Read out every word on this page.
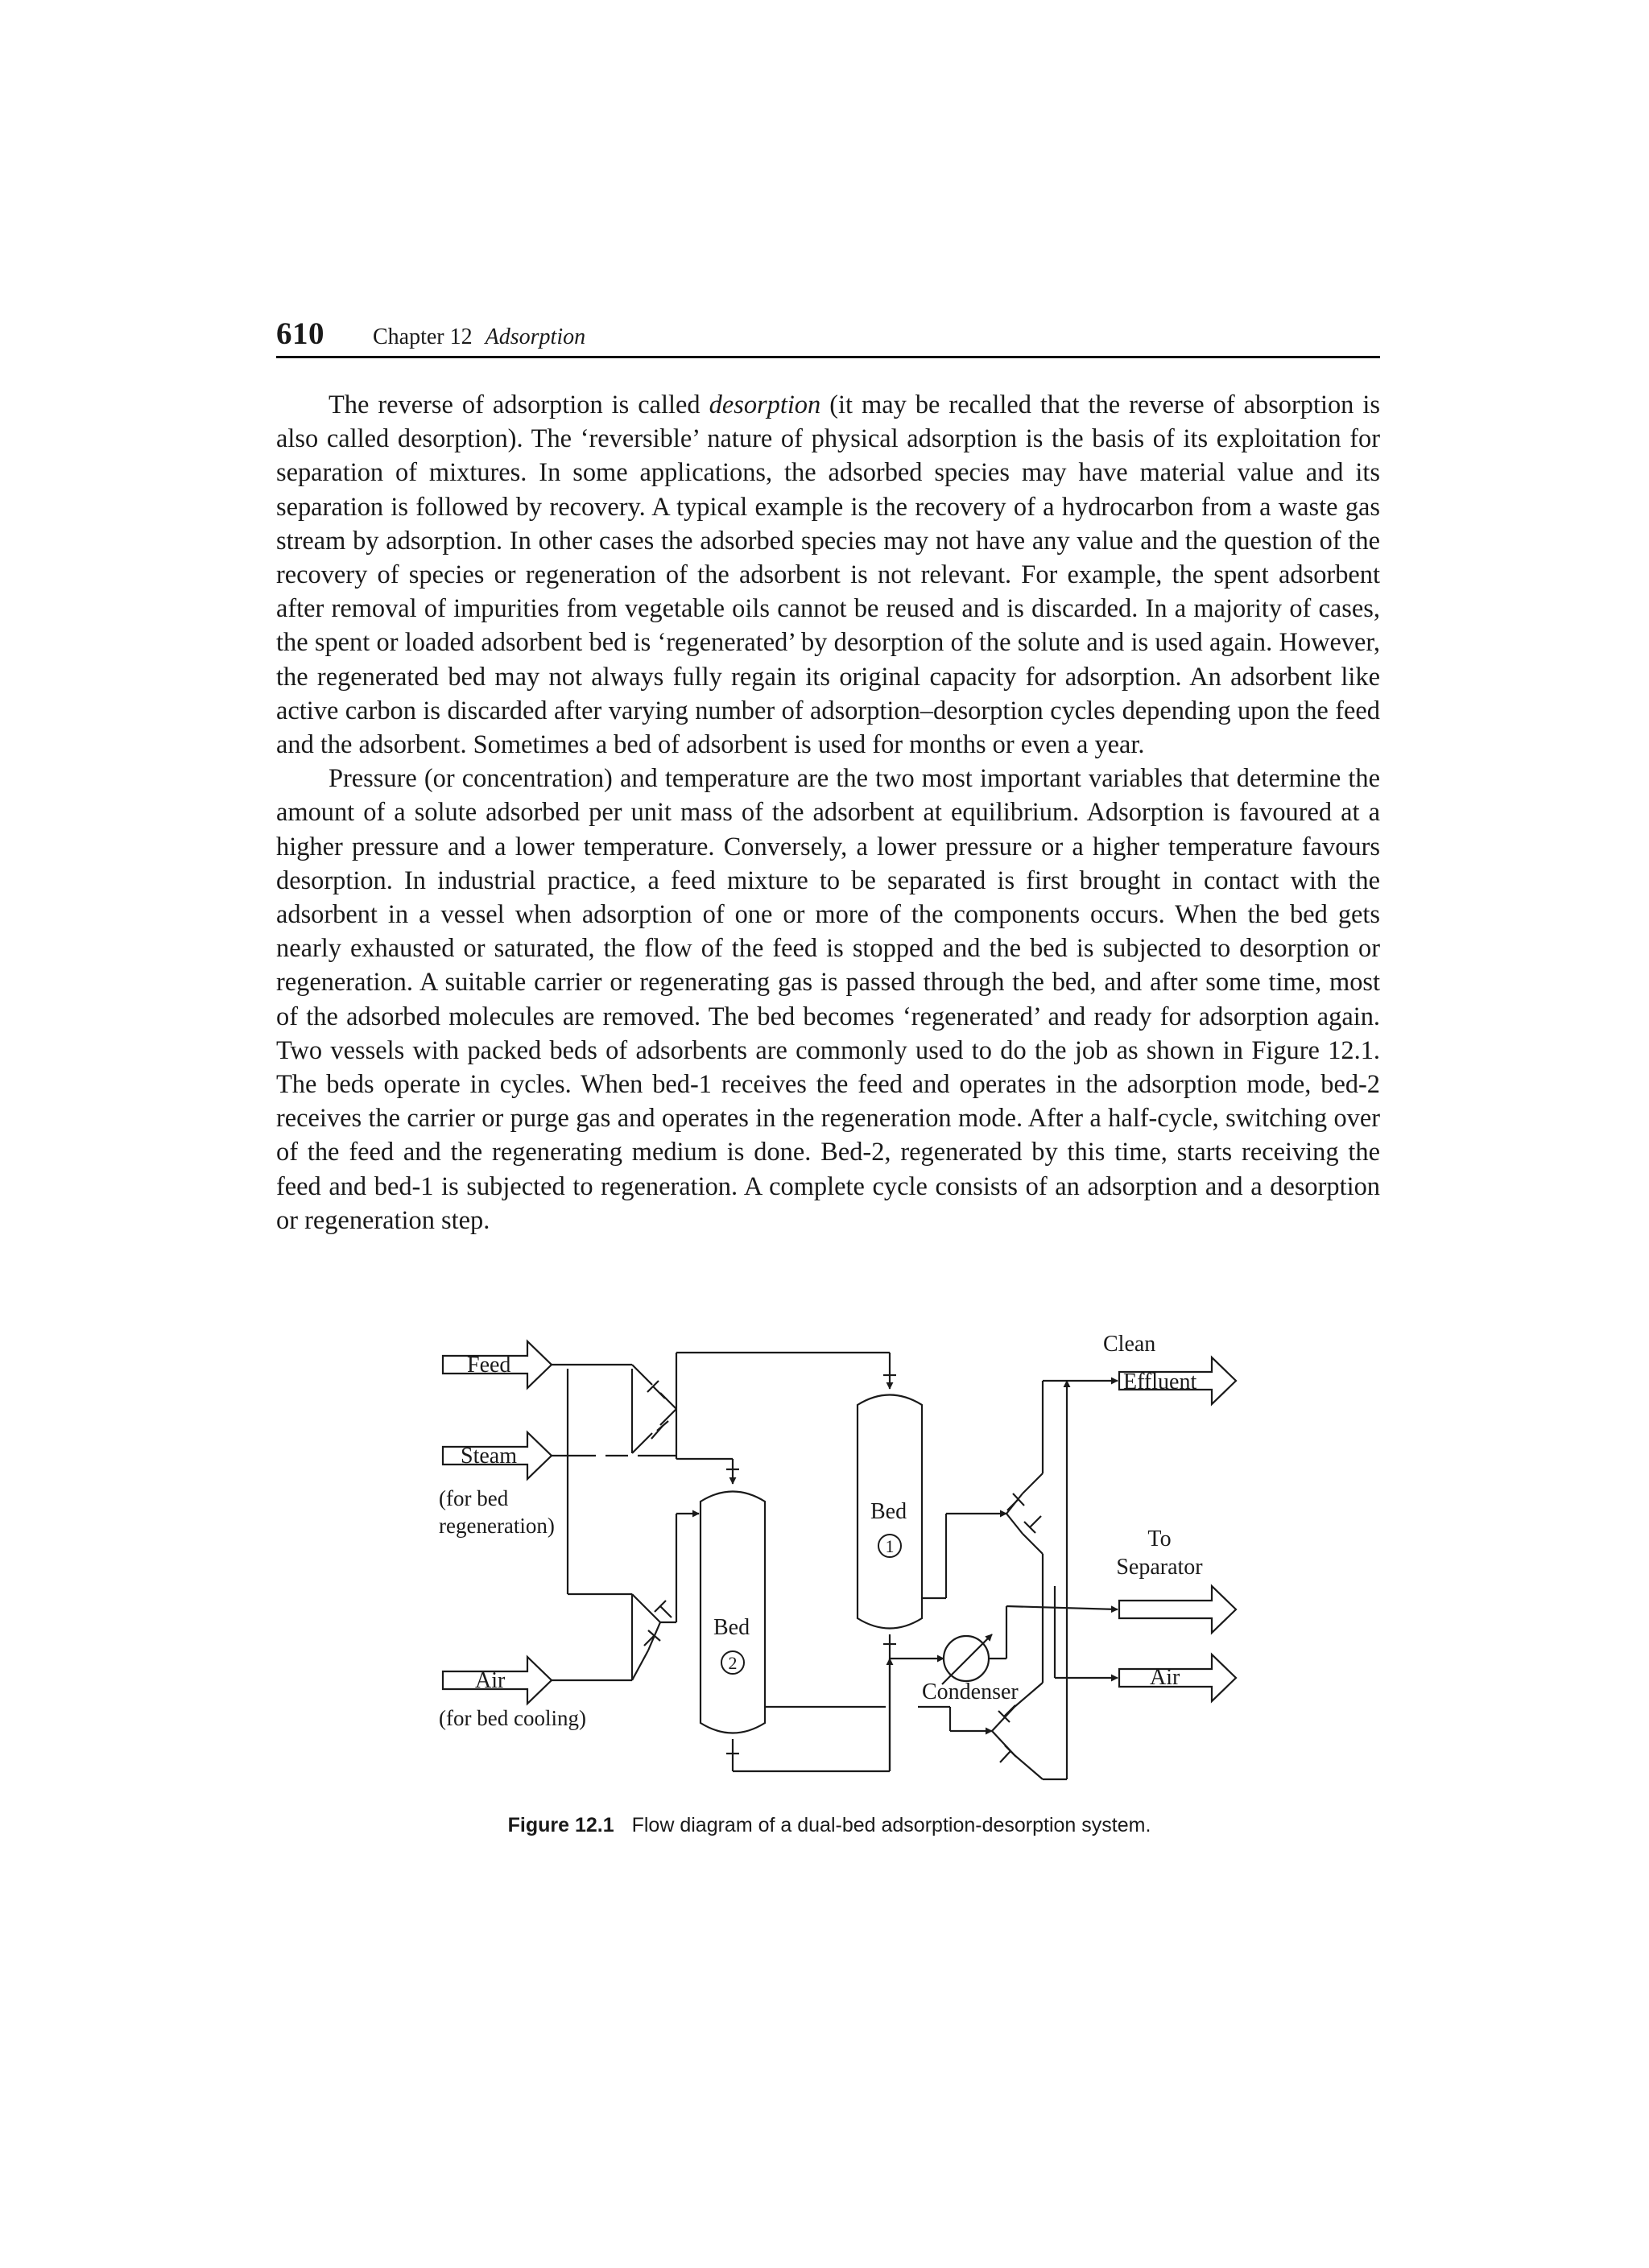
610 Chapter 12 Adsorption

The reverse of adsorption is called desorption (it may be recalled that the reverse of absorption is also called desorption). The ‘reversible’ nature of physical adsorption is the basis of its exploitation for separation of mixtures. In some applications, the adsorbed species may have material value and its separation is followed by recovery. A typical example is the recovery of a hydrocarbon from a waste gas stream by adsorption. In other cases the adsorbed species may not have any value and the question of the recovery of species or regeneration of the adsorbent is not relevant. For example, the spent adsorbent after removal of impurities from vegetable oils cannot be reused and is discarded. In a majority of cases, the spent or loaded adsorbent bed is ‘regenerated’ by desorption of the solute and is used again. However, the regenerated bed may not always fully regain its original capacity for adsorption. An adsorbent like active carbon is discarded after varying number of adsorption–desorption cycles depending upon the feed and the adsorbent. Sometimes a bed of adsorbent is used for months or even a year.

Pressure (or concentration) and temperature are the two most important variables that determine the amount of a solute adsorbed per unit mass of the adsorbent at equilibrium. Adsorption is favoured at a higher pressure and a lower temperature. Conversely, a lower pressure or a higher temperature favours desorption. In industrial practice, a feed mixture to be separated is first brought in contact with the adsorbent in a vessel when adsorption of one or more of the components occurs. When the bed gets nearly exhausted or saturated, the flow of the feed is stopped and the bed is subjected to desorption or regeneration. A suitable carrier or regenerating gas is passed through the bed, and after some time, most of the adsorbed molecules are removed. The bed becomes ‘regenerated’ and ready for adsorption again. Two vessels with packed beds of adsorbents are commonly used to do the job as shown in Figure 12.1. The beds operate in cycles. When bed-1 receives the feed and operates in the adsorption mode, bed-2 receives the carrier or purge gas and operates in the regeneration mode. After a half-cycle, switching over of the feed and the regenerating medium is done. Bed-2, regenerated by this time, starts receiving the feed and bed-1 is subjected to regeneration. A complete cycle consists of an adsorption and a desorption or regeneration step.

Feed
Steam
(for bed
regeneration)
Air
(for bed cooling)
Bed
1
Bed
2
Clean
Effluent
To
Separator
Condenser
Air
Figure 12.1 Flow diagram of a dual-bed adsorption-desorption system.
